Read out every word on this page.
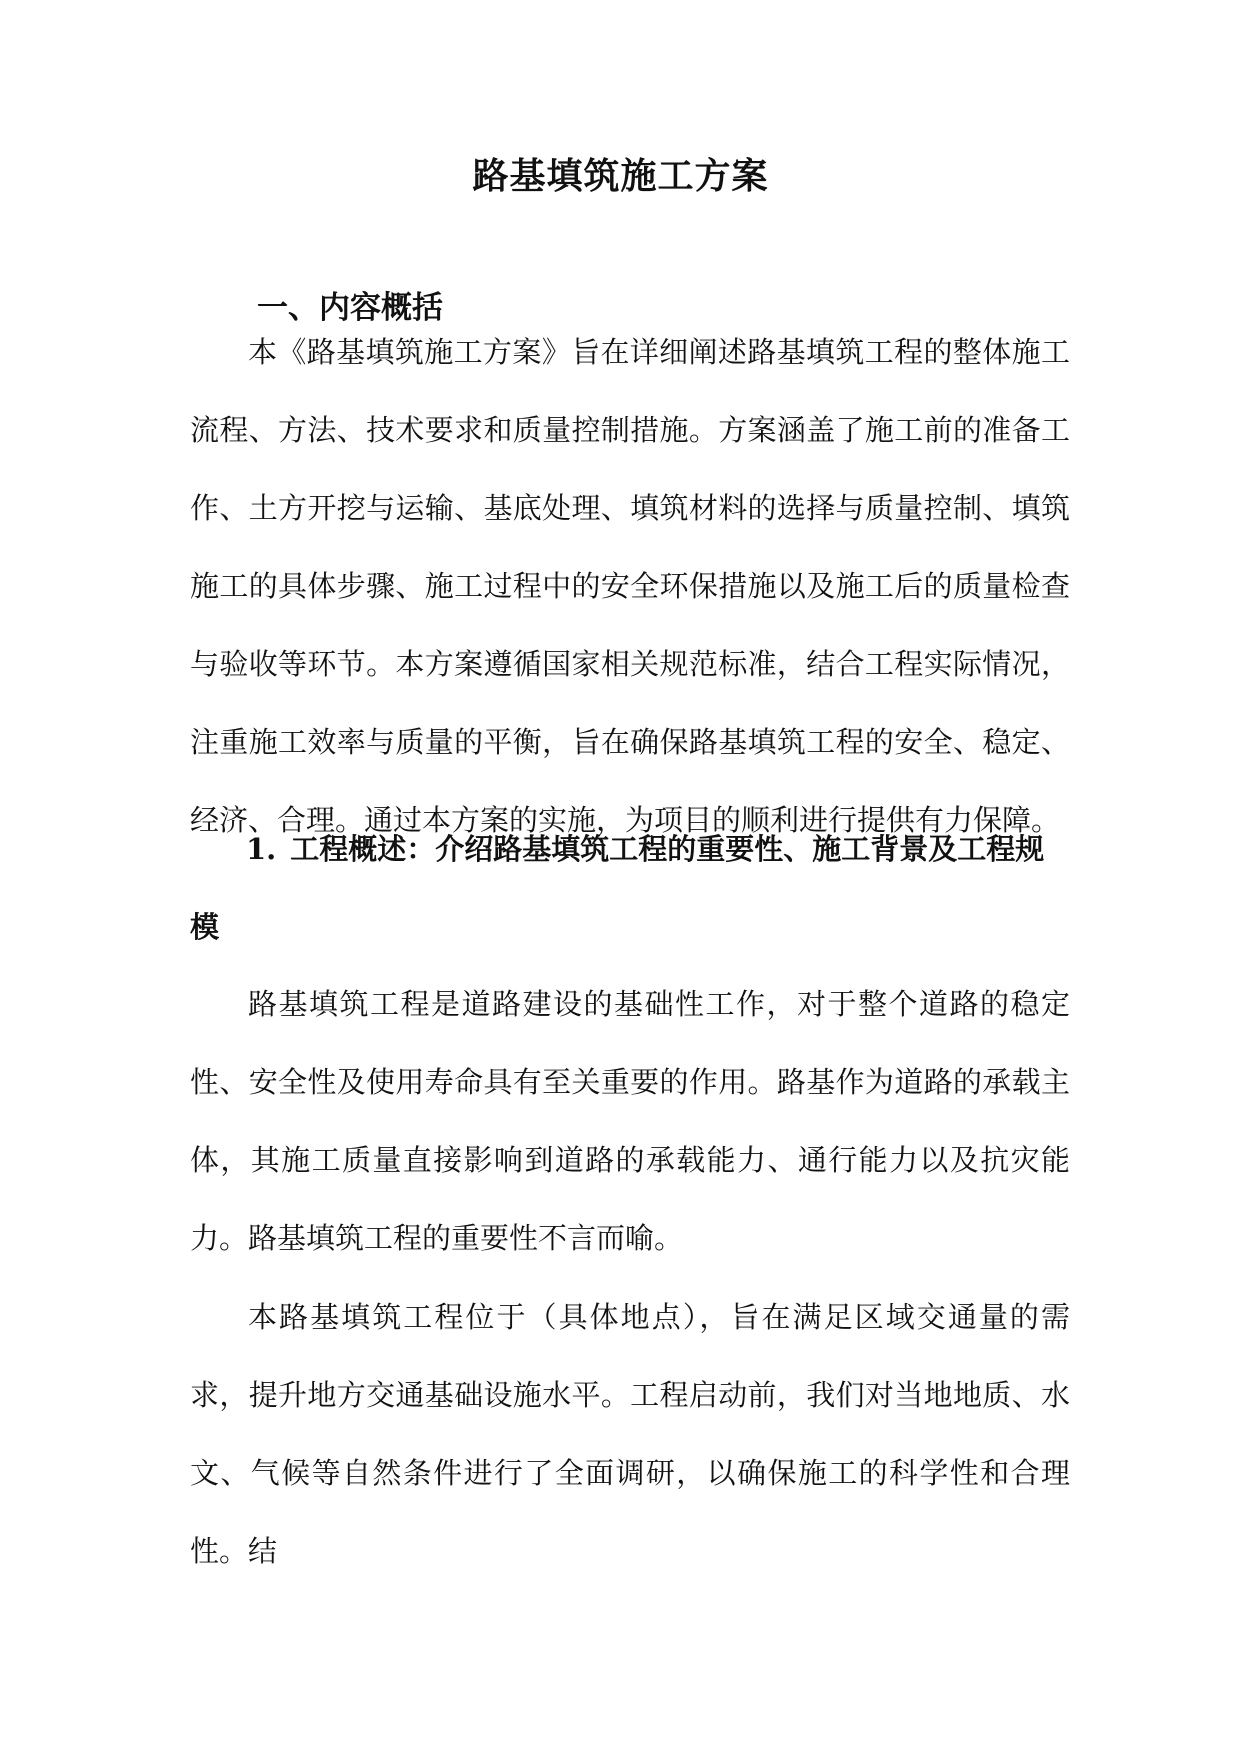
路基填筑施工方案
一、内容概括

本《路基填筑施工方案》旨在详细阐述路基填筑工程的整体施工流程、方法、技术要求和质量控制措施。方案涵盖了施工前的准备工作、土方开挖与运输、基底处理、填筑材料的选择与质量控制、填筑施工的具体步骤、施工过程中的安全环保措施以及施工后的质量检查与验收等环节。本方案遵循国家相关规范标准，结合工程实际情况，注重施工效率与质量的平衡，旨在确保路基填筑工程的安全、稳定、经济、合理。通过本方案的实施，为项目的顺利进行提供有力保障。

1. 工程概述：介绍路基填筑工程的重要性、施工背景及工程规模

路基填筑工程是道路建设的基础性工作，对于整个道路的稳定性、安全性及使用寿命具有至关重要的作用。路基作为道路的承载主体，其施工质量直接影响到道路的承载能力、通行能力以及抗灾能力。路基填筑工程的重要性不言而喻。

本路基填筑工程位于（具体地点），旨在满足区域交通量的需求，提升地方交通基础设施水平。工程启动前，我们对当地地质、水文、气候等自然条件进行了全面调研，以确保施工的科学性和合理性。结
